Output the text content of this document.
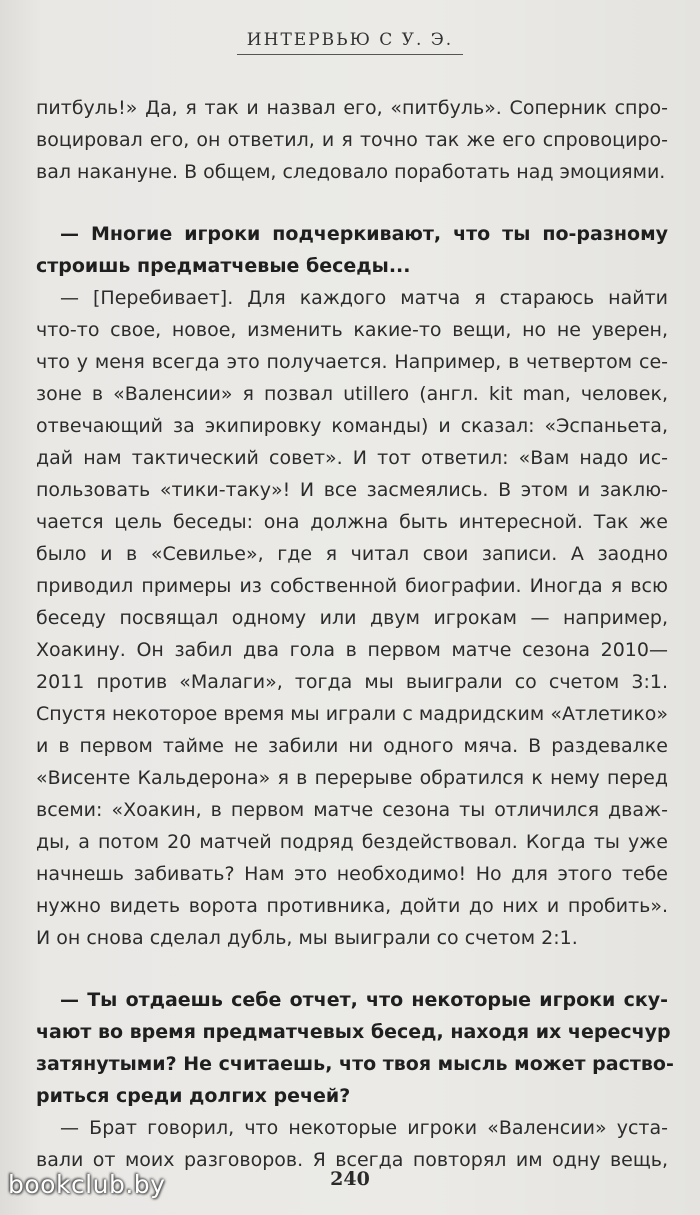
ИНТЕРВЬЮ С У. Э.
питбуль!» Да, я так и назвал его, «питбуль». Соперник спро-
воцировал его, он ответил, и я точно так же его спровоциро-
вал накануне. В общем, следовало поработать над эмоциями.
— Многие игроки подчеркивают, что ты по-разному
строишь предматчевые беседы...
— [Перебивает]. Для каждого матча я стараюсь найти
что-то свое, новое, изменить какие-то вещи, но не уверен,
что у меня всегда это получается. Например, в четвертом се-
зоне в «Валенсии» я позвал utillero (англ. kit man, человек,
отвечающий за экипировку команды) и сказал: «Эспаньета,
дай нам тактический совет». И тот ответил: «Вам надо ис-
пользовать «тики-таку»! И все засмеялись. В этом и заклю-
чается цель беседы: она должна быть интересной. Так же
было и в «Севилье», где я читал свои записи. А заодно
приводил примеры из собственной биографии. Иногда я всю
беседу посвящал одному или двум игрокам — например,
Хоакину. Он забил два гола в первом матче сезона 2010—
2011 против «Малаги», тогда мы выиграли со счетом 3:1.
Спустя некоторое время мы играли с мадридским «Атлетико»
и в первом тайме не забили ни одного мяча. В раздевалке
«Висенте Кальдерона» я в перерыве обратился к нему перед
всеми: «Хоакин, в первом матче сезона ты отличился дваж-
ды, а потом 20 матчей подряд бездействовал. Когда ты уже
начнешь забивать? Нам это необходимо! Но для этого тебе
нужно видеть ворота противника, дойти до них и пробить».
И он снова сделал дубль, мы выиграли со счетом 2:1.
— Ты отдаешь себе отчет, что некоторые игроки ску-
чают во время предматчевых бесед, находя их чересчур
затянутыми? Не считаешь, что твоя мысль может раство-
риться среди долгих речей?
— Брат говорил, что некоторые игроки «Валенсии» уста-
вали от моих разговоров. Я всегда повторял им одну вещь,
240
bookclub.by
